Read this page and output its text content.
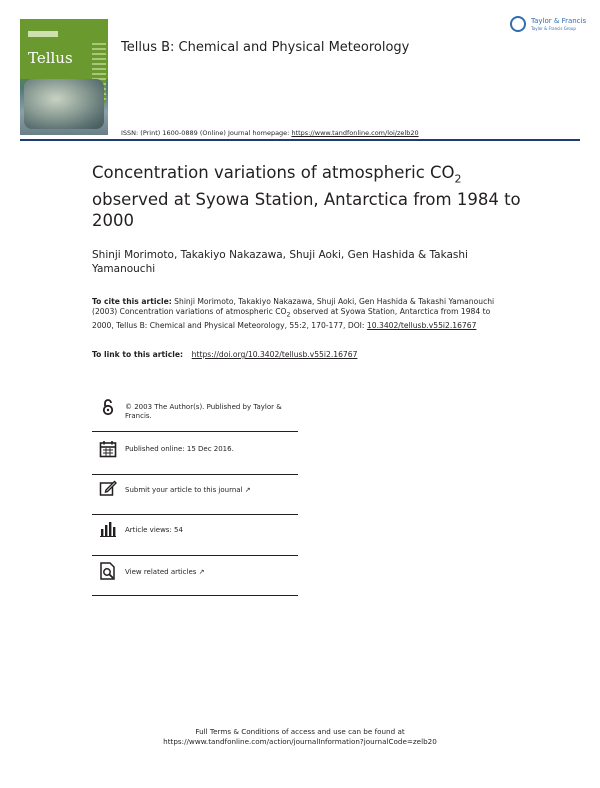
Tellus
Tellus B: Chemical and Physical Meteorology
Taylor & Francis
Taylor & Francis Group
ISSN: (Print) 1600-0889 (Online) Journal homepage: https://www.tandfonline.com/loi/zelb20
Concentration variations of atmospheric $CO_2$ observed at Syowa Station, Antarctica from 1984 to 2000
Shinji Morimoto, Takakiyo Nakazawa, Shuji Aoki, Gen Hashida & Takashi Yamanouchi
To cite this article: Shinji Morimoto, Takakiyo Nakazawa, Shuji Aoki, Gen Hashida & Takashi Yamanouchi (2003) Concentration variations of atmospheric $CO_2$ observed at Syowa Station, Antarctica from 1984 to 2000, Tellus B: Chemical and Physical Meteorology, 55:2, 170-177, DOI: 10.3402/tellusb.v55i2.16767
To link to this article: https://doi.org/10.3402/tellusb.v55i2.16767
© 2003 The Author(s). Published by Taylor & Francis.
Published online: 15 Dec 2016.
Submit your article to this journal ↗
Article views: 54
View related articles ↗
Full Terms & Conditions of access and use can be found at
https://www.tandfonline.com/action/journalInformation?journalCode=zelb20
